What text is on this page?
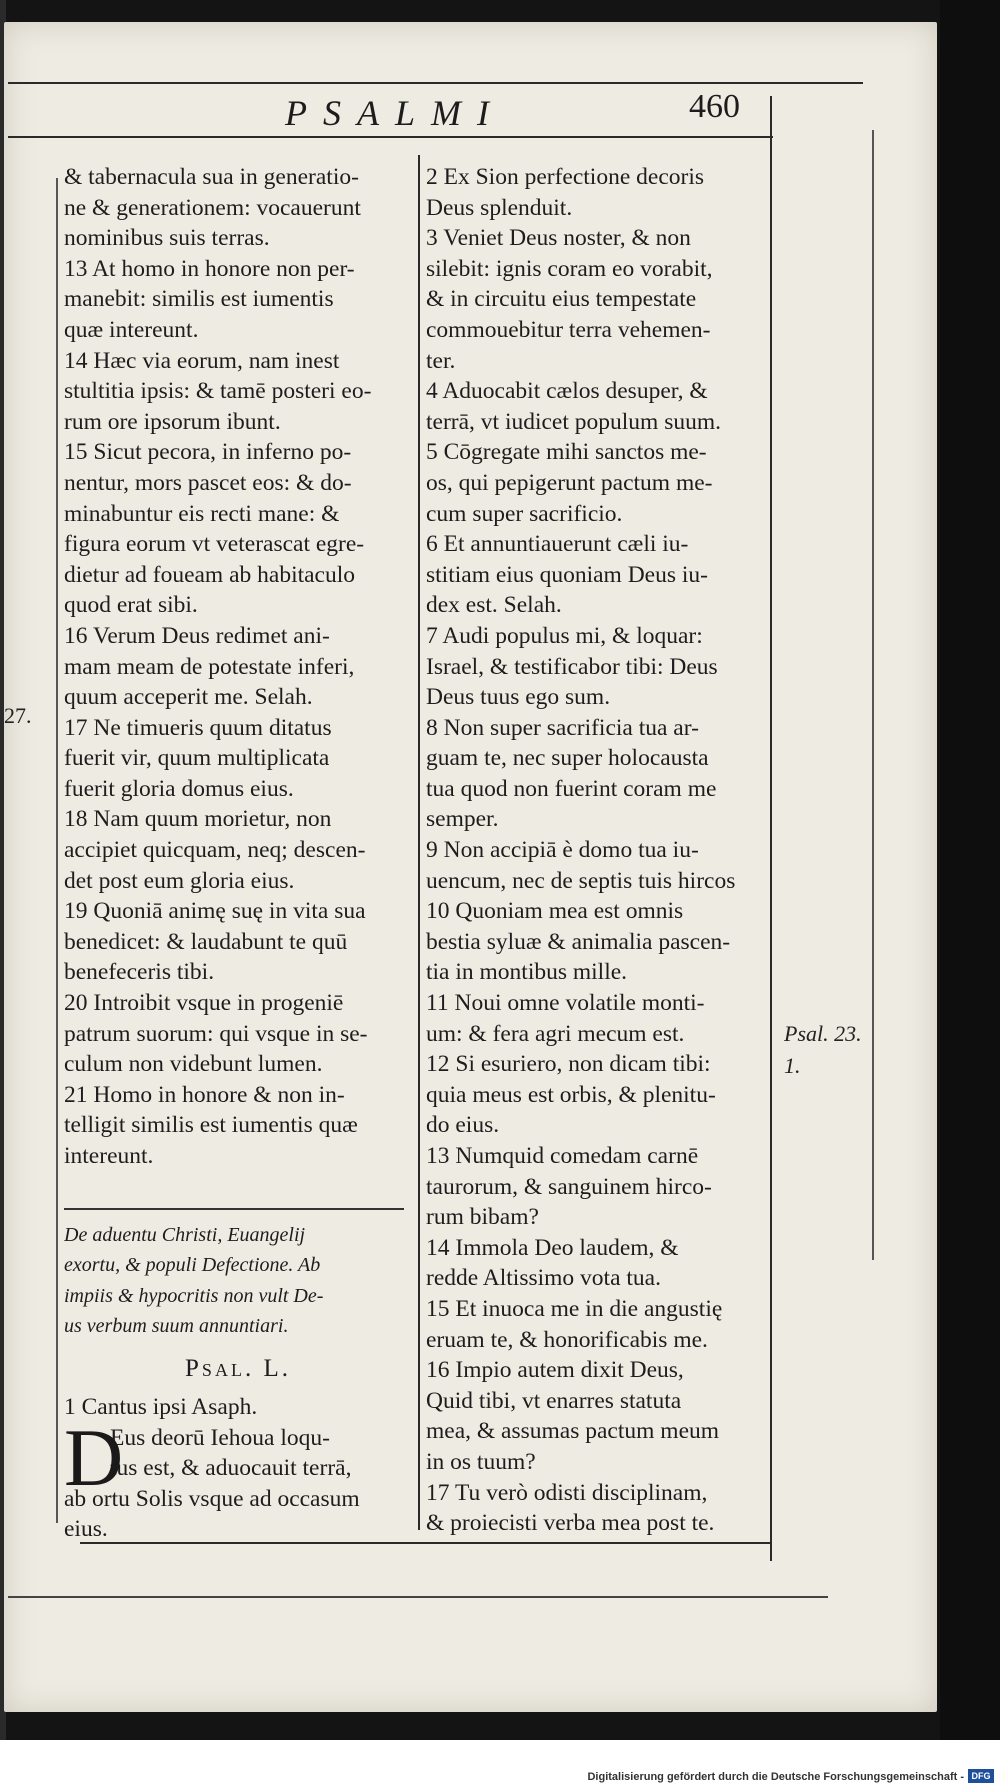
PSALMI	460
27.
Psal. 23.
1.
& tabernacula sua in generatio-
ne & generationem: vocauerunt
nominibus suis terras.
13 At homo in honore non per-
manebit: similis est iumentis
quæ intereunt.
14 Hæc via eorum, nam inest
stultitia ipsis: & tamē posteri eo-
rum ore ipsorum ibunt.
15 Sicut pecora, in inferno po-
nentur, mors pascet eos: & do-
minabuntur eis recti mane: &
figura eorum vt veterascat egre-
dietur ad foueam ab habitaculo
quod erat sibi.
16 Verum Deus redimet ani-
mam meam de potestate inferi,
quum acceperit me. Selah.
17 Ne timueris quum ditatus
fuerit vir, quum multiplicata
fuerit gloria domus eius.
18 Nam quum morietur, non
accipiet quicquam, neq; descen-
det post eum gloria eius.
19 Quoniā animę suę in vita sua
benedicet: & laudabunt te quū
benefeceris tibi.
20 Introibit vsque in progeniē
patrum suorum: qui vsque in se-
culum non videbunt lumen.
21 Homo in honore & non in-
telligit similis est iumentis quæ
intereunt.
De aduentu Christi, Euangelij
exortu, & populi Defectione. Ab
impiis & hypocritis non vult De-
us verbum suum annuntiari.
Psal. L.
1 Cantus ipsi Asaph.
D
Eus deorū Iehoua loqu-
tus est, & aduocauit terrā,
ab ortu Solis vsque ad occasum
eius.
2 Ex Sion perfectione decoris
Deus splenduit.
3 Veniet Deus noster, & non
silebit: ignis coram eo vorabit,
& in circuitu eius tempestate
commouebitur terra vehemen-
ter.
4 Aduocabit cælos desuper, &
terrā, vt iudicet populum suum.
5 Cōgregate mihi sanctos me-
os, qui pepigerunt pactum me-
cum super sacrificio.
6 Et annuntiauerunt cæli iu-
stitiam eius quoniam Deus iu-
dex est. Selah.
7 Audi populus mi, & loquar:
Israel, & testificabor tibi: Deus
Deus tuus ego sum.
8 Non super sacrificia tua ar-
guam te, nec super holocausta
tua quod non fuerint coram me
semper.
9 Non accipiā è domo tua iu-
uencum, nec de septis tuis hircos
10 Quoniam mea est omnis
bestia syluæ & animalia pascen-
tia in montibus mille.
11 Noui omne volatile monti-
um: & fera agri mecum est.
12 Si esuriero, non dicam tibi:
quia meus est orbis, & plenitu-
do eius.
13 Numquid comedam carnē
taurorum, & sanguinem hirco-
rum bibam?
14 Immola Deo laudem, &
redde Altissimo vota tua.
15 Et inuoca me in die angustię
eruam te, & honorificabis me.
16 Impio autem dixit Deus,
Quid tibi, vt enarres statuta
mea, & assumas pactum meum
in os tuum?
17 Tu verò odisti disciplinam,
& proiecisti verba mea post te.
Digitalisierung gefördert durch die Deutsche Forschungsgemeinschaft - DFG
